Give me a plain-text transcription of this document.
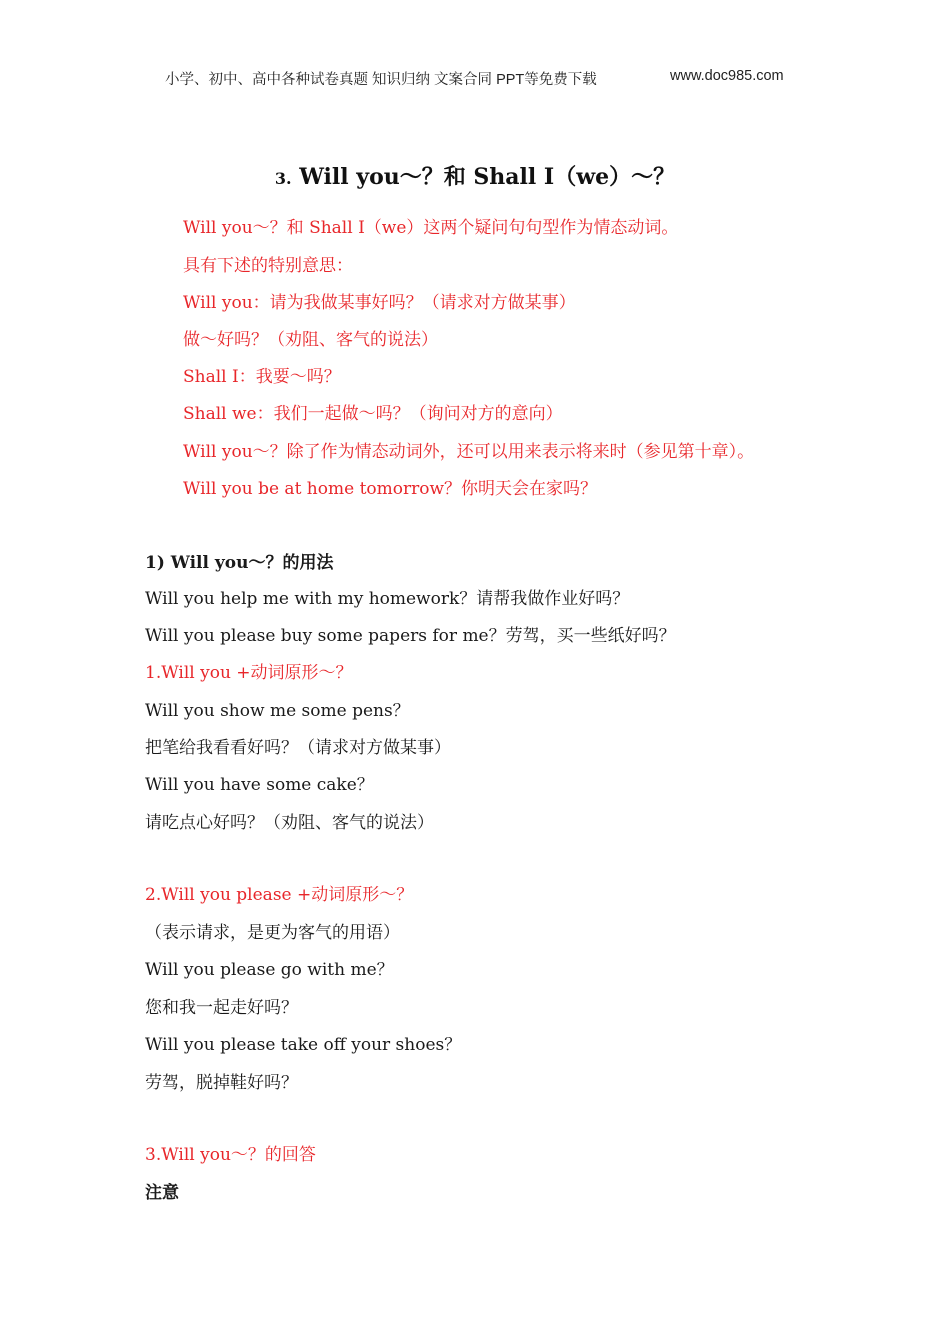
小学、初中、高中各种试卷真题 知识归纳 文案合同 PPT等免费下载	www.doc985.com
3. Will you～？和 Shall I（we）～？
Will you～？和 Shall I（we）这两个疑问句句型作为情态动词。
具有下述的特别意思：
Will you：请为我做某事好吗？（请求对方做某事）
做～好吗？（劝阻、客气的说法）
Shall I：我要～吗？
Shall we：我们一起做～吗？（询问对方的意向）
Will you～？除了作为情态动词外，还可以用来表示将来时（参见第十章）。
Will you be at home tomorrow？你明天会在家吗？
1) Will you～？的用法
Will you help me with my homework？请帮我做作业好吗？
Will you please buy some papers for me？劳驾，买一些纸好吗？
1.Will you +动词原形～？
Will you show me some pens？
把笔给我看看好吗？（请求对方做某事）
Will you have some cake？
请吃点心好吗？（劝阻、客气的说法）
2.Will you please +动词原形～？
（表示请求，是更为客气的用语）
Will you please go with me？
您和我一起走好吗？
Will you please take off your shoes？
劳驾，脱掉鞋好吗？
3.Will you～？的回答
注意
